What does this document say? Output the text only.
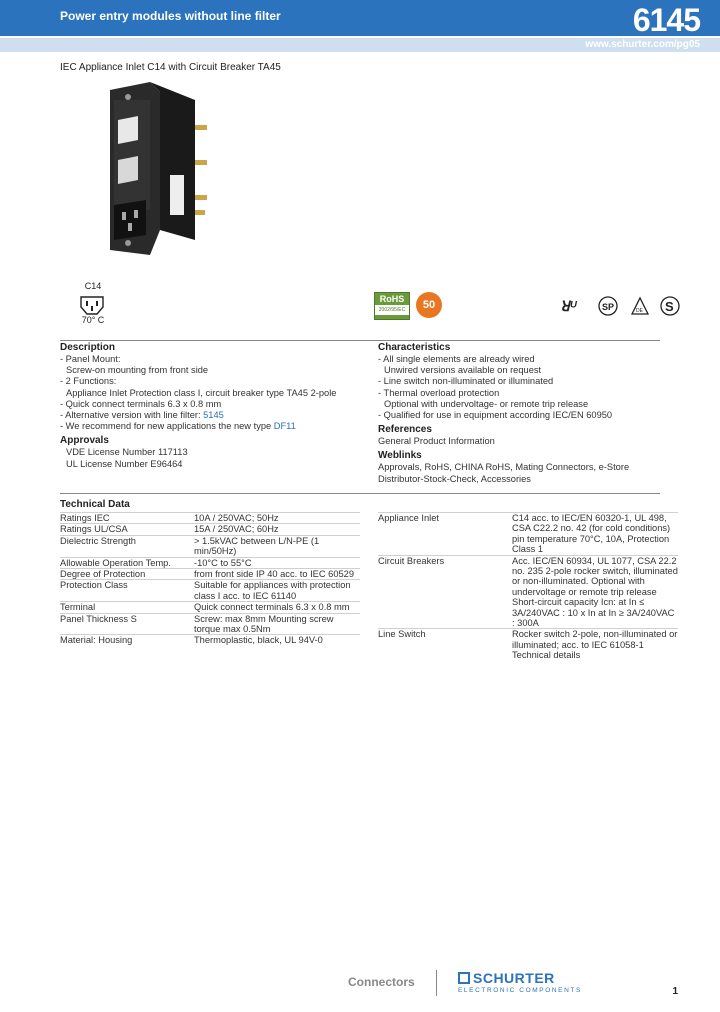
Power entry modules without line filter	6145
www.schurter.com/pg05
IEC Appliance Inlet C14 with Circuit Breaker TA45
C14
70° C
RoHS
2002/95/EC	50	ꓤᵁ	SP	DE S
Description

- Panel Mount:

Screw-on mounting from front side

- 2 Functions:

Appliance Inlet Protection class I, circuit breaker type TA45 2-pole

- Quick connect terminals 6.3 x 0.8 mm

- Alternative version with line filter: 5145

- We recommend for new applications the new type DF11

Approvals

VDE License Number 117113

UL License Number E96464

Characteristics

- All single elements are already wired

Unwired versions available on request

- Line switch non-illuminated or illuminated

- Thermal overload protection

Optional with undervoltage- or remote trip release

- Qualified for use in equipment according IEC/EN 60950

References

General Product Information

Weblinks

Approvals, RoHS, CHINA RoHS, Mating Connectors, e-Store

Distributor-Stock-Check, Accessories

Technical Data
Ratings IEC	10A / 250VAC; 50Hz
Ratings UL/CSA	15A / 250VAC; 60Hz
Dielectric Strength	> 1.5kVAC between L/N-PE (1 min/50Hz)
Allowable Operation Temp.	-10°C to 55°C
Degree of Protection	from front side IP 40 acc. to IEC 60529
Protection Class	Suitable for appliances with protection class I acc. to IEC 61140
Terminal	Quick connect terminals 6.3 x 0.8 mm
Panel Thickness S	Screw: max 8mm Mounting screw torque max 0.5Nm
Material: Housing	Thermoplastic, black, UL 94V-0
Appliance Inlet	C14 acc. to IEC/EN 60320-1, UL 498, CSA C22.2 no. 42 (for cold conditions) pin temperature 70°C, 10A, Protection Class 1
Circuit Breakers	Acc. IEC/EN 60934, UL 1077, CSA 22.2 no. 235 2-pole rocker switch, illuminated or non-illuminated. Optional with undervoltage or remote trip release Short-circuit capacity Icn: at In ≤ 3A/240VAC : 10 x In at In ≥ 3A/240VAC : 300A
Line Switch	Rocker switch 2-pole, non-illuminated or illuminated; acc. to IEC 61058-1 Technical details
Connectors	SCHURTER
ELECTRONIC COMPONENTS	1
